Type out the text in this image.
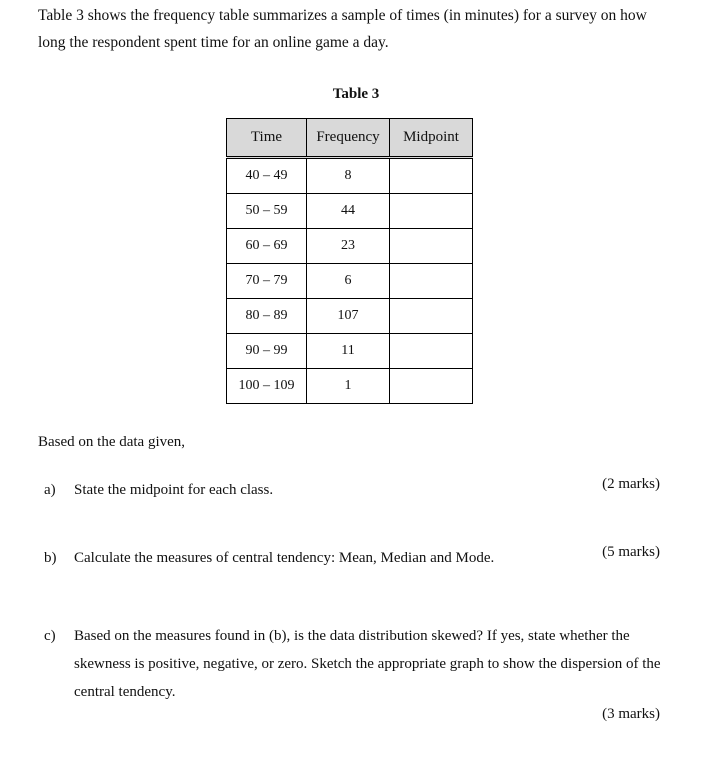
Table 3 shows the frequency table summarizes a sample of times (in minutes) for a survey on how long the respondent spent time for an online game a day.

Table 3

Time	Frequency	Midpoint
40 – 49	8	
50 – 59	44	
60 – 69	23	
70 – 79	6	
80 – 89	107	
90 – 99	11	
100 – 109	1	

Based on the data given,

a) State the midpoint for each class.	(2 marks)
b) Calculate the measures of central tendency: Mean, Median and Mode.	(5 marks)
c) Based on the measures found in (b), is the data distribution skewed? If yes, state whether the skewness is positive, negative, or zero. Sketch the appropriate graph to show the dispersion of the central tendency.
(3 marks)
